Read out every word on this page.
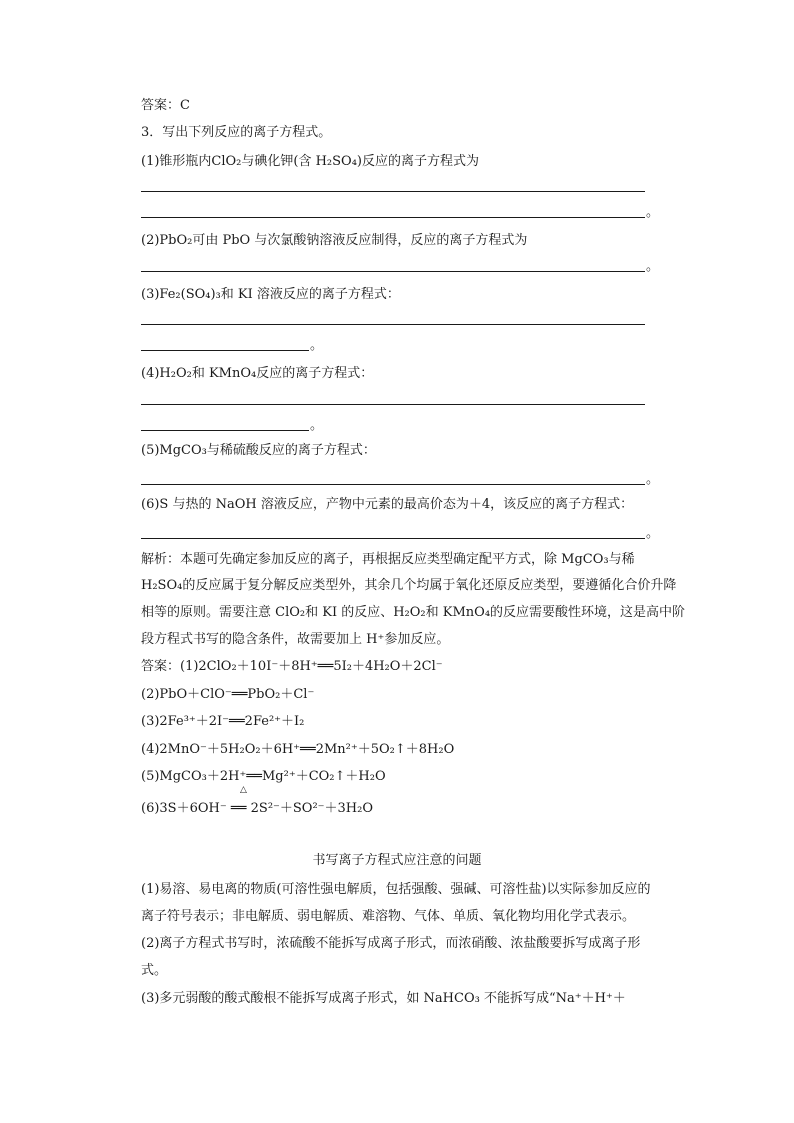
答案：C
3．写出下列反应的离子方程式。
(1)锥形瓶内ClO₂与碘化钾(含 H₂SO₄)反应的离子方程式为
。
(2)PbO₂可由 PbO 与次氯酸钠溶液反应制得，反应的离子方程式为
。
(3)Fe₂(SO₄)₃和 KI 溶液反应的离子方程式：
。
(4)H₂O₂和 KMnO₄反应的离子方程式：
。
(5)MgCO₃与稀硫酸反应的离子方程式：
。
(6)S 与热的 NaOH 溶液反应，产物中元素的最高价态为＋4，该反应的离子方程式：
。
解析：本题可先确定参加反应的离子，再根据反应类型确定配平方式，除 MgCO₃与稀
H₂SO₄的反应属于复分解反应类型外，其余几个均属于氧化还原反应类型，要遵循化合价升降
相等的原则。需要注意 ClO₂和 KI 的反应、H₂O₂和 KMnO₄的反应需要酸性环境，这是高中阶
段方程式书写的隐含条件，故需要加上 H⁺参加反应。
答案：(1)2ClO₂＋10I⁻＋8H⁺══5I₂＋4H₂O＋2Cl⁻
(2)PbO＋ClO⁻══PbO₂＋Cl⁻
(3)2Fe³⁺＋2I⁻══2Fe²⁺＋I₂
(4)2MnO⁻＋5H₂O₂＋6H⁺══2Mn²⁺＋5O₂↑＋8H₂O
(5)MgCO₃＋2H⁺══Mg²⁺＋CO₂↑＋H₂O
△
(6)3S＋6OH⁻ ══ 2S²⁻＋SO²⁻＋3H₂O
书写离子方程式应注意的问题
(1)易溶、易电离的物质(可溶性强电解质，包括强酸、强碱、可溶性盐)以实际参加反应的
离子符号表示；非电解质、弱电解质、难溶物、气体、单质、氧化物均用化学式表示。
(2)离子方程式书写时，浓硫酸不能拆写成离子形式，而浓硝酸、浓盐酸要拆写成离子形
式。
(3)多元弱酸的酸式酸根不能拆写成离子形式，如 NaHCO₃ 不能拆写成“Na⁺＋H⁺＋
